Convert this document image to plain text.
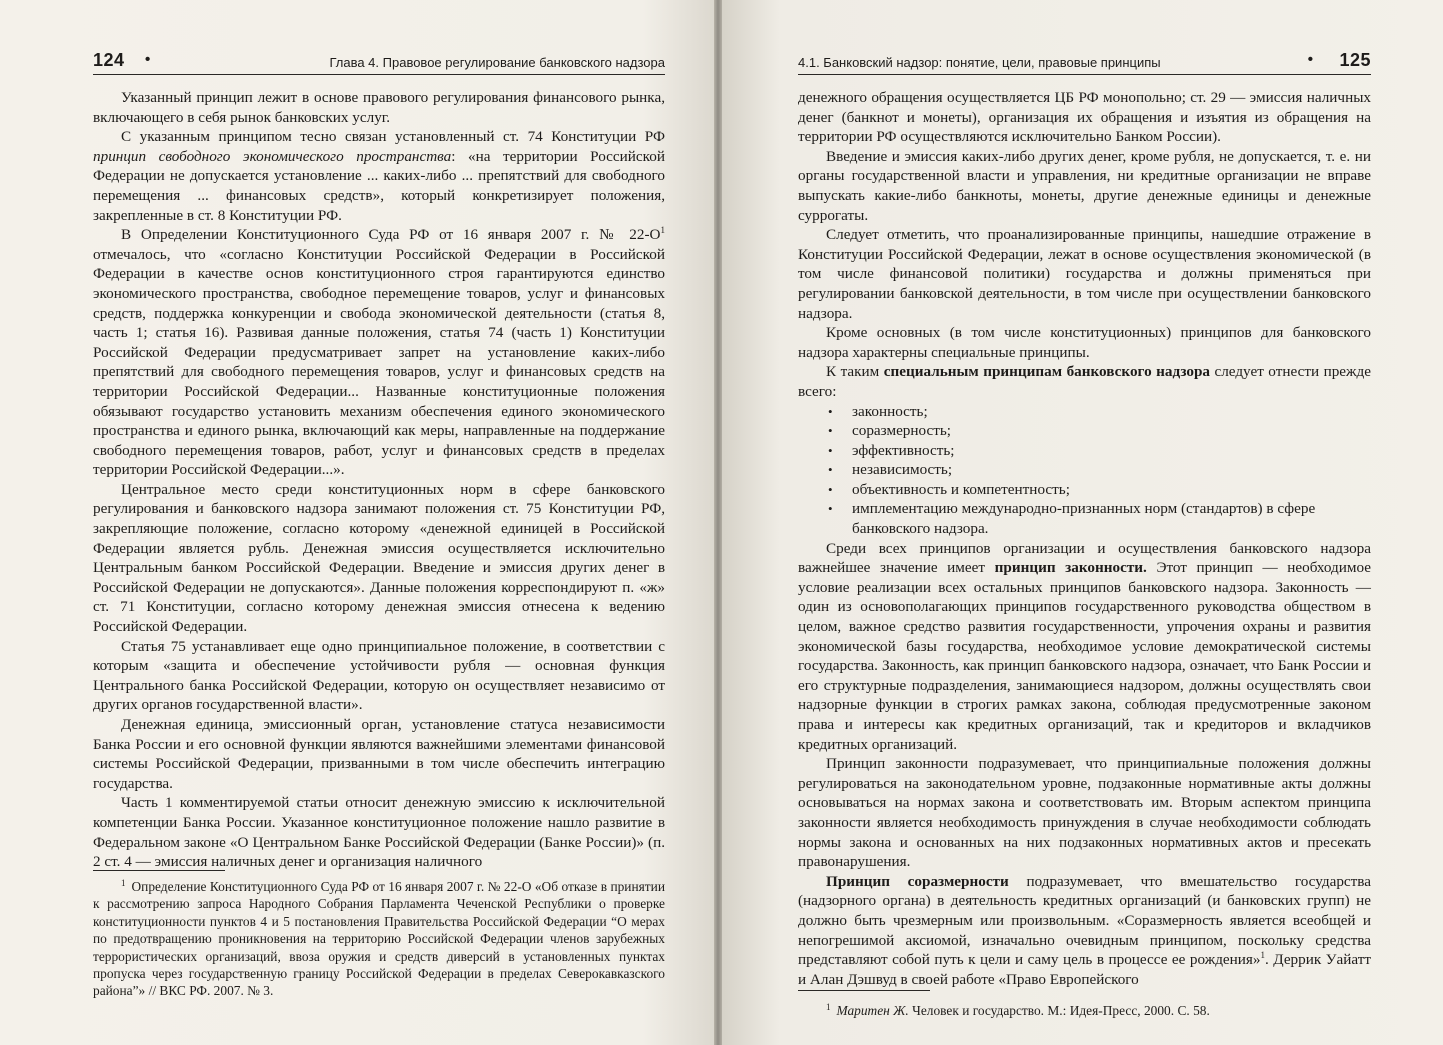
124 •	Глава 4. Правовое регулирование банковского надзора

Указанный принцип лежит в основе правового регулирования финансового рынка, включающего в себя рынок банковских услуг.

С указанным принципом тесно связан установленный ст. 74 Конституции РФ принцип свободного экономического пространства: «на территории Российской Федерации не допускается установление ... каких-либо ... препятствий для свободного перемещения ... финансовых средств», который конкретизирует положения, закрепленные в ст. 8 Конституции РФ.

В Определении Конституционного Суда РФ от 16 января 2007 г. № $22-О^1$ отмечалось, что «согласно Конституции Российской Федерации в Российской Федерации в качестве основ конституционного строя гарантируются единство экономического пространства, свободное перемещение товаров, услуг и финансовых средств, поддержка конкуренции и свобода экономической деятельности (статья 8, часть 1; статья 16). Развивая данные положения, статья 74 (часть 1) Конституции Российской Федерации предусматривает запрет на установление каких-либо препятствий для свободного перемещения товаров, услуг и финансовых средств на территории Российской Федерации... Названные конституционные положения обязывают государство установить механизм обеспечения единого экономического пространства и единого рынка, включающий как меры, направленные на поддержание свободного перемещения товаров, работ, услуг и финансовых средств в пределах территории Российской Федерации...».

Центральное место среди конституционных норм в сфере банковского регулирования и банковского надзора занимают положения ст. 75 Конституции РФ, закрепляющие положение, согласно которому «денежной единицей в Российской Федерации является рубль. Денежная эмиссия осуществляется исключительно Центральным банком Российской Федерации. Введение и эмиссия других денег в Российской Федерации не допускаются». Данные положения корреспондируют п. «ж» ст. 71 Конституции, согласно которому денежная эмиссия отнесена к ведению Российской Федерации.

Статья 75 устанавливает еще одно принципиальное положение, в соответствии с которым «защита и обеспечение устойчивости рубля — основная функция Центрального банка Российской Федерации, которую он осуществляет независимо от других органов государственной власти».

Денежная единица, эмиссионный орган, установление статуса независимости Банка России и его основной функции являются важнейшими элементами финансовой системы Российской Федерации, призванными в том числе обеспечить интеграцию государства.

Часть 1 комментируемой статьи относит денежную эмиссию к исключительной компетенции Банка России. Указанное конституционное положение нашло развитие в Федеральном законе «О Центральном Банке Российской Федерации (Банке России)» (п. 2 ст. 4 — эмиссия наличных денег и организация наличного

$^1$ Определение Конституционного Суда РФ от 16 января 2007 г. № 22-О «Об отказе в принятии к рассмотрению запроса Народного Собрания Парламента Чеченской Республики о проверке конституционности пунктов 4 и 5 постановления Правительства Российской Федерации “О мерах по предотвращению проникновения на территорию Российской Федерации членов зарубежных террористических организаций, ввоза оружия и средств диверсий в установленных пунктах пропуска через государственную границу Российской Федерации в пределах Северокавказского района”» // ВКС РФ. 2007. № 3.
4.1. Банковский надзор: понятие, цели, правовые принципы	• 125

денежного обращения осуществляется ЦБ РФ монопольно; ст. 29 — эмиссия наличных денег (банкнот и монеты), организация их обращения и изъятия из обращения на территории РФ осуществляются исключительно Банком России).

Введение и эмиссия каких-либо других денег, кроме рубля, не допускается, т. е. ни органы государственной власти и управления, ни кредитные организации не вправе выпускать какие-либо банкноты, монеты, другие денежные единицы и денежные суррогаты.

Следует отметить, что проанализированные принципы, нашедшие отражение в Конституции Российской Федерации, лежат в основе осуществления экономической (в том числе финансовой политики) государства и должны применяться при регулировании банковской деятельности, в том числе при осуществлении банковского надзора.

Кроме основных (в том числе конституционных) принципов для банковского надзора характерны специальные принципы.

К таким специальным принципам банковского надзора следует отнести прежде всего:

• законность;
• соразмерность;
• эффективность;
• независимость;
• объективность и компетентность;
• имплементацию международно-признанных норм (стандартов) в сфере банковского надзора.

Среди всех принципов организации и осуществления банковского надзора важнейшее значение имеет принцип законности. Этот принцип — необходимое условие реализации всех остальных принципов банковского надзора. Законность — один из основополагающих принципов государственного руководства обществом в целом, важное средство развития государственности, упрочения охраны и развития экономической базы государства, необходимое условие демократической системы государства. Законность, как принцип банковского надзора, означает, что Банк России и его структурные подразделения, занимающиеся надзором, должны осуществлять свои надзорные функции в строгих рамках закона, соблюдая предусмотренные законом права и интересы как кредитных организаций, так и кредиторов и вкладчиков кредитных организаций.

Принцип законности подразумевает, что принципиальные положения должны регулироваться на законодательном уровне, подзаконные нормативные акты должны основываться на нормах закона и соответствовать им. Вторым аспектом принципа законности является необходимость принуждения в случае необходимости соблюдать нормы закона и основанных на них подзаконных нормативных актов и пресекать правонарушения.

Принцип соразмерности подразумевает, что вмешательство государства (надзорного органа) в деятельность кредитных организаций (и банковских групп) не должно быть чрезмерным или произвольным. «Соразмерность является всеобщей и непогрешимой аксиомой, изначально очевидным принципом, поскольку средства представляют собой путь к цели и саму цель в процессе ее рождения»$^1$. Деррик Уайатт и Алан Дэшвуд в своей работе «Право Европейского

$^1$ Маритен Ж. Человек и государство. М.: Идея-Пресс, 2000. С. 58.
